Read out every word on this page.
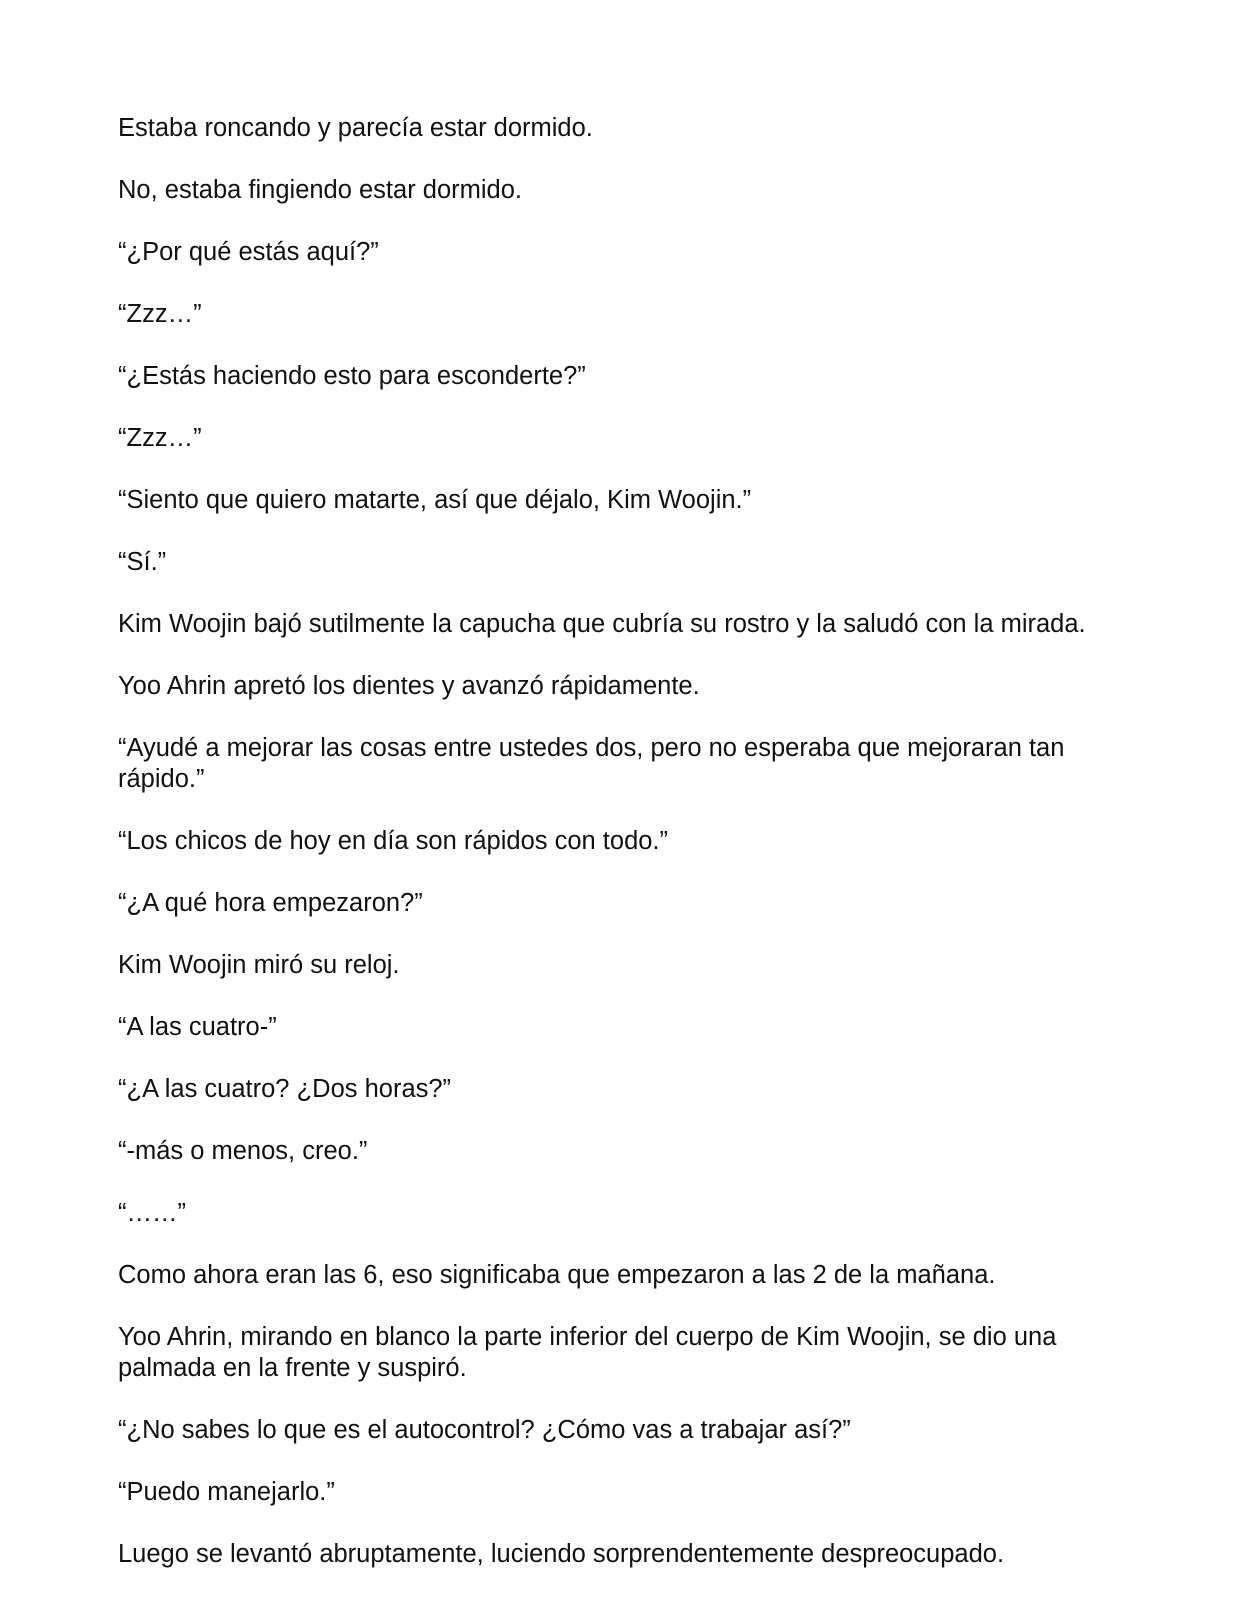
Estaba roncando y parecía estar dormido.

No, estaba fingiendo estar dormido.

“¿Por qué estás aquí?”

“Zzz…”

“¿Estás haciendo esto para esconderte?”

“Zzz…”

“Siento que quiero matarte, así que déjalo, Kim Woojin.”

“Sí.”

Kim Woojin bajó sutilmente la capucha que cubría su rostro y la saludó con la mirada.

Yoo Ahrin apretó los dientes y avanzó rápidamente.

“Ayudé a mejorar las cosas entre ustedes dos, pero no esperaba que mejoraran tan rápido.”

“Los chicos de hoy en día son rápidos con todo.”

“¿A qué hora empezaron?”

Kim Woojin miró su reloj.

“A las cuatro-”

“¿A las cuatro? ¿Dos horas?”

“-más o menos, creo.”

“……”

Como ahora eran las 6, eso significaba que empezaron a las 2 de la mañana.

Yoo Ahrin, mirando en blanco la parte inferior del cuerpo de Kim Woojin, se dio una palmada en la frente y suspiró.

“¿No sabes lo que es el autocontrol? ¿Cómo vas a trabajar así?”

“Puedo manejarlo.”

Luego se levantó abruptamente, luciendo sorprendentemente despreocupado.
